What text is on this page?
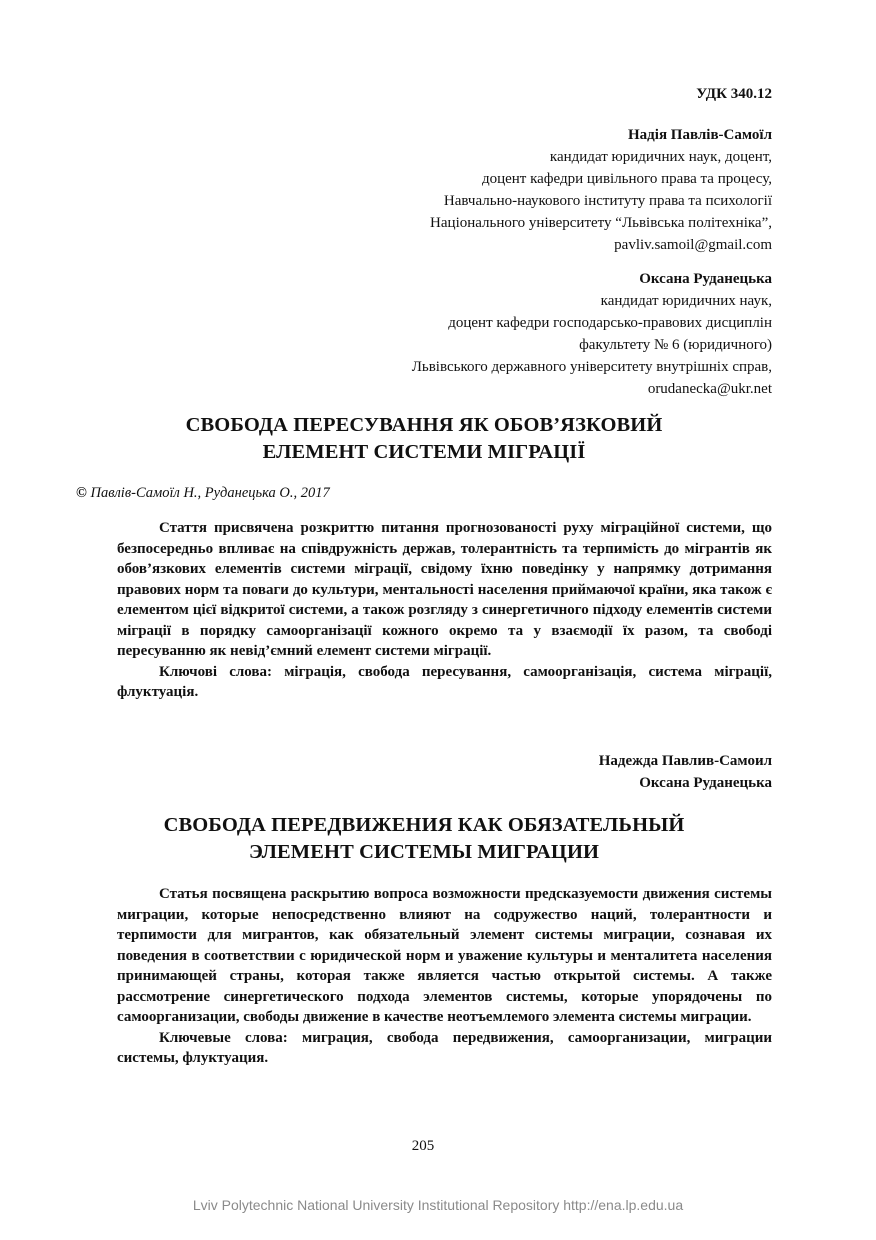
УДК 340.12
Надія Павлів-Самоїл
кандидат юридичних наук, доцент,
доцент кафедри цивільного права та процесу,
Навчально-наукового інституту права та психології
Національного університету “Львівська політехніка”,
pavliv.samoil@gmail.com
Оксана Руданецька
кандидат юридичних наук,
доцент кафедри господарсько-правових дисциплін
факультету № 6 (юридичного)
Львівського державного університету внутрішніх справ,
orudanecka@ukr.net
СВОБОДА ПЕРЕСУВАННЯ ЯК ОБОВ’ЯЗКОВИЙ
ЕЛЕМЕНТ СИСТЕМИ МІГРАЦІЇ
© Павлів-Самоїл Н., Руданецька О., 2017

Стаття присвячена розкриттю питання прогнозованості руху міграційної системи, що безпосередньо впливає на співдружність держав, толерантність та терпимість до мігрантів як обов’язкових елементів системи міграції, свідому їхню поведінку у напрямку дотримання правових норм та поваги до культури, ментальності населення приймаючої країни, яка також є елементом цієї відкритої системи, а також розгляду з синергетичного підходу елементів системи міграції в порядку самоорганізації кожного окремо та у взаємодії їх разом, та свободі пересуванню як невід’ємний елемент системи міграції.

Ключові слова: міграція, свобода пересування, самоорганізація, система міграції, флуктуація.

Надежда Павлив-Самоил
Оксана Руданецька
СВОБОДА ПЕРЕДВИЖЕНИЯ КАК ОБЯЗАТЕЛЬНЫЙ
ЭЛЕМЕНТ СИСТЕМЫ МИГРАЦИИ

Статья посвящена раскрытию вопроса возможности предсказуемости движения системы миграции, которые непосредственно влияют на содружество наций, толерантности и терпимости для мигрантов, как обязательный элемент системы миграции, сознавая их поведения в соответствии с юридической норм и уважение культуры и менталитета населения принимающей страны, которая также является частью открытой системы. А также рассмотрение синергетического подхода элементов системы, которые упорядочены по самоорганизации, свободы движение в качестве неотъемлемого элемента системы миграции.

Ключевые слова: миграция, свобода передвижения, самоорганизации, миграции системы, флуктуация.

205
Lviv Polytechnic National University Institutional Repository http://ena.lp.edu.ua
